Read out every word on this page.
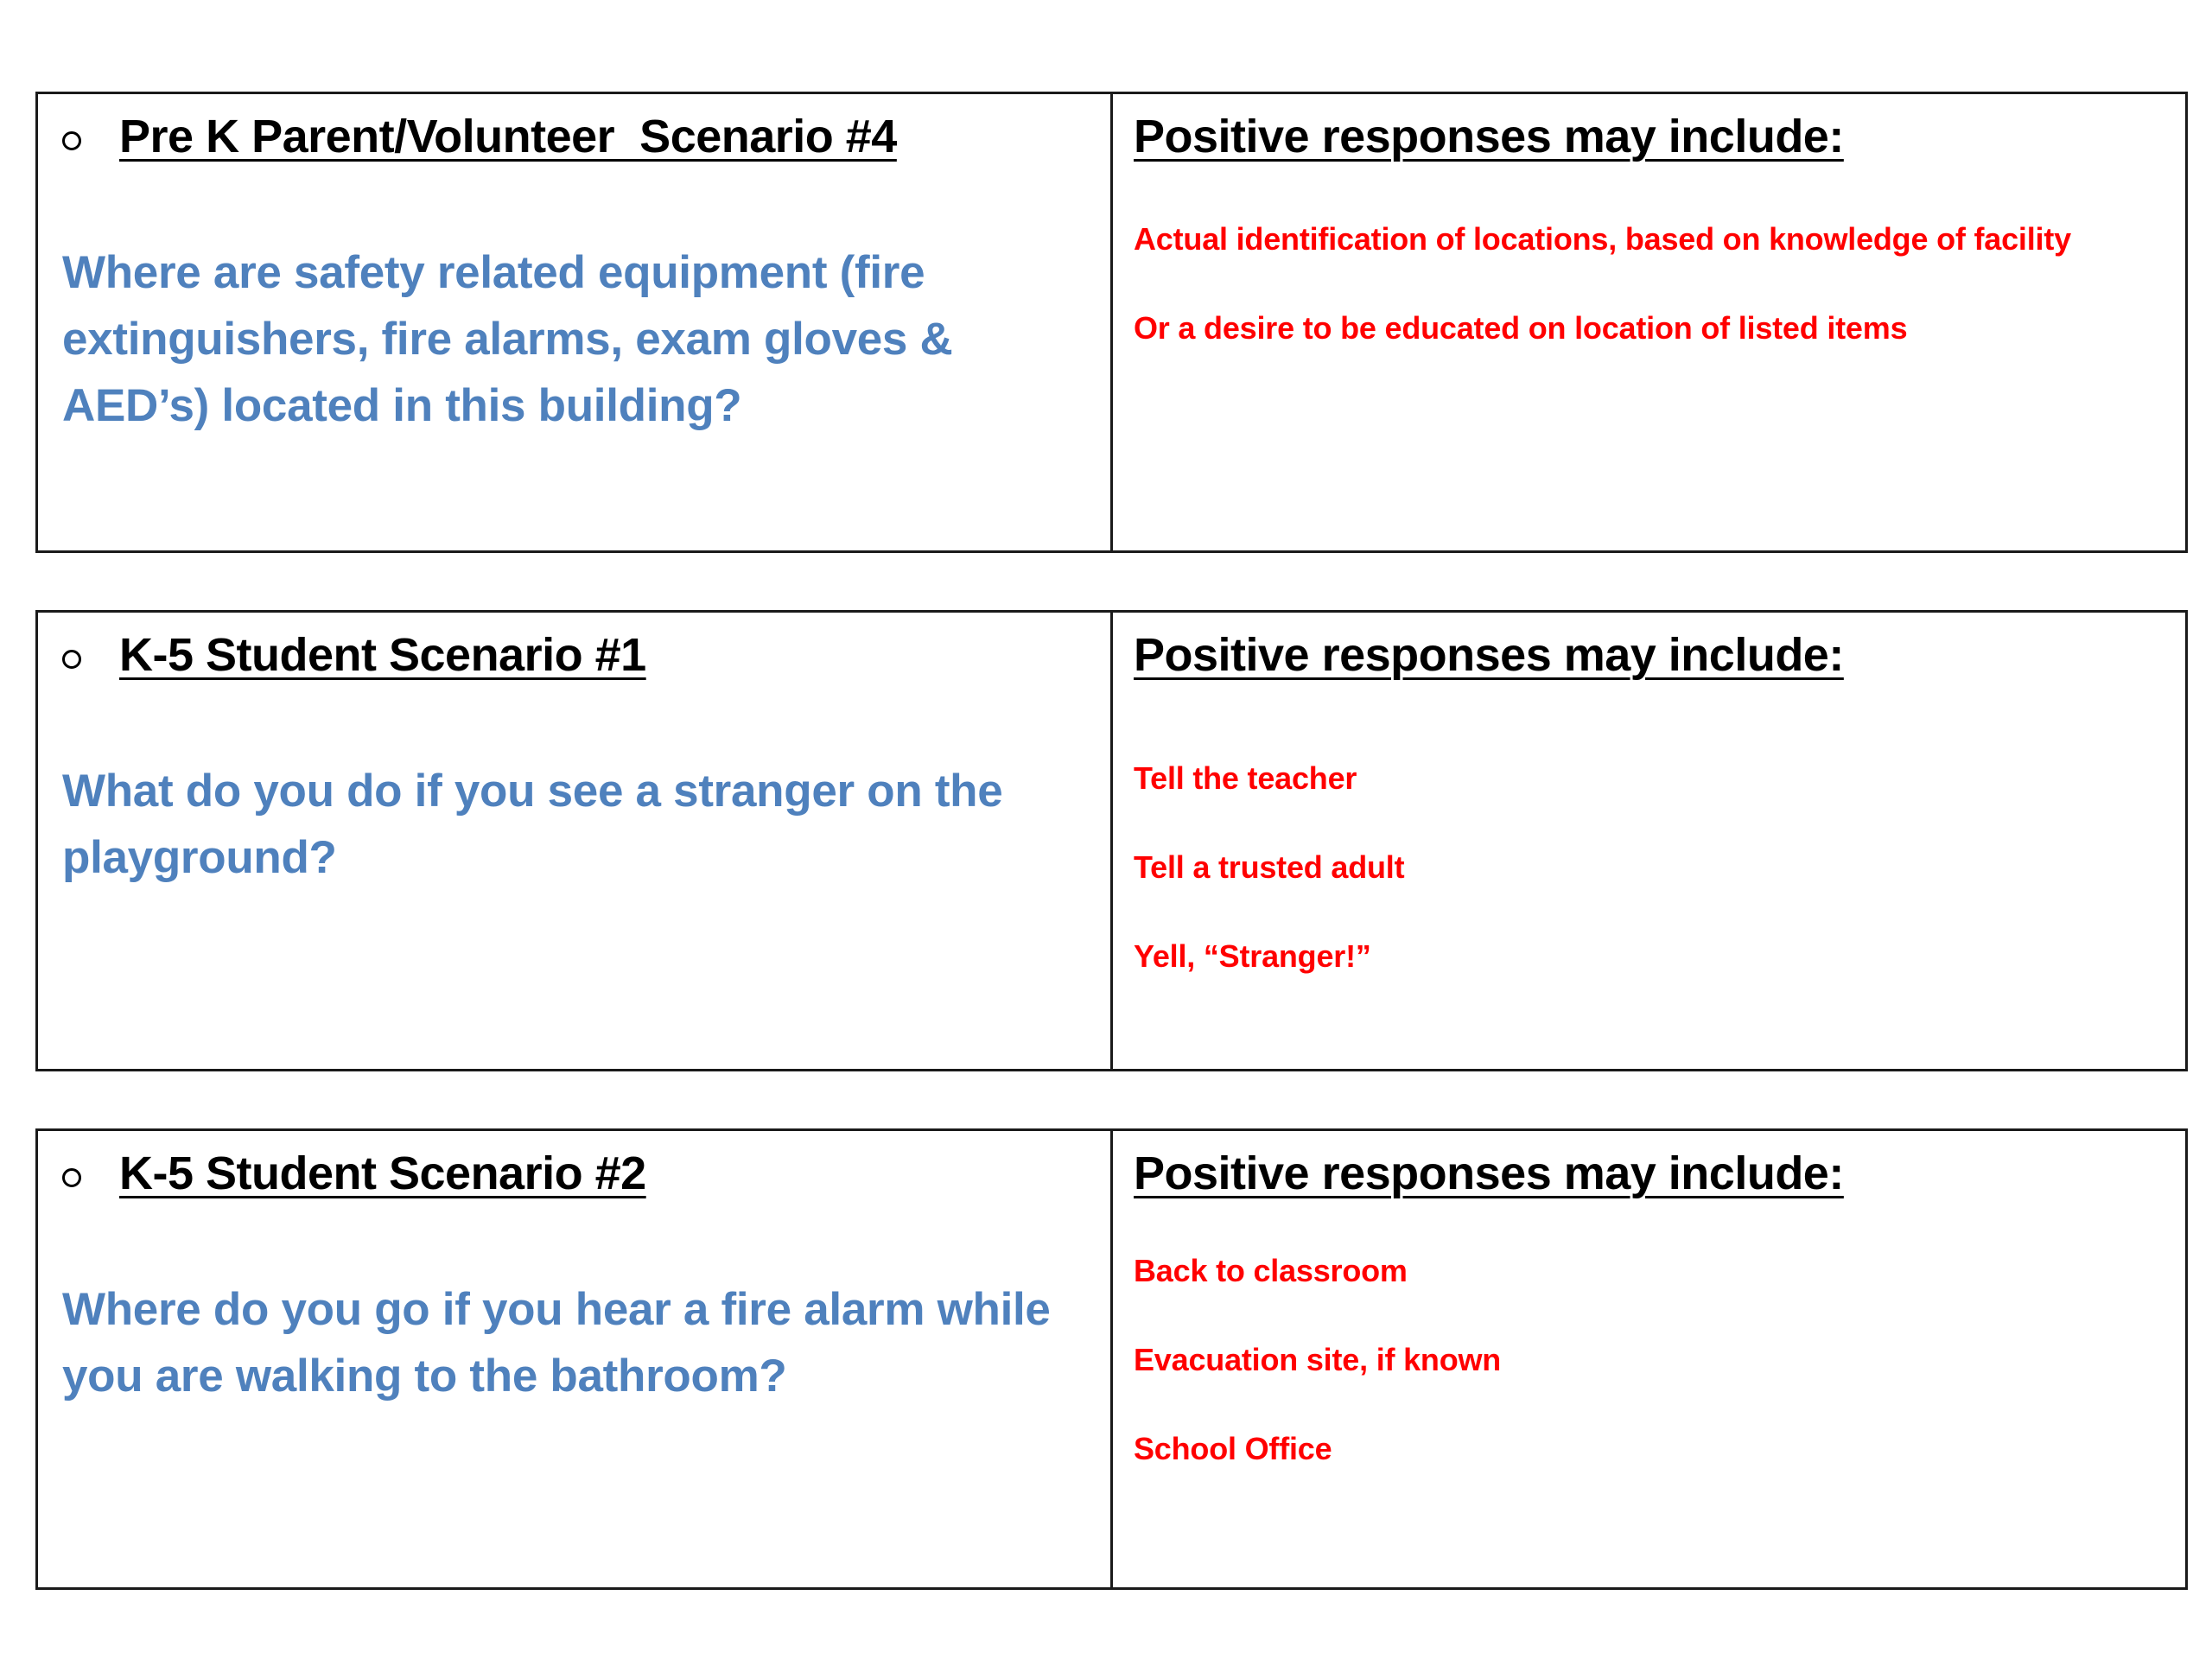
Pre K Parent/Volunteer  Scenario #4
Where are safety related equipment (fire extinguishers, fire alarms, exam gloves & AED’s) located in this building?
Positive responses may include:
Actual identification of locations, based on knowledge of facility
Or a desire to be educated on location of listed items
K-5 Student Scenario #1
What do you do if you see a stranger on the playground?
Positive responses may include:
Tell the teacher
Tell a trusted adult
Yell, “Stranger!”
K-5 Student Scenario #2
Where do you go if you hear a fire alarm while you are walking to the bathroom?
Positive responses may include:
Back to classroom
Evacuation site, if known
School Office
